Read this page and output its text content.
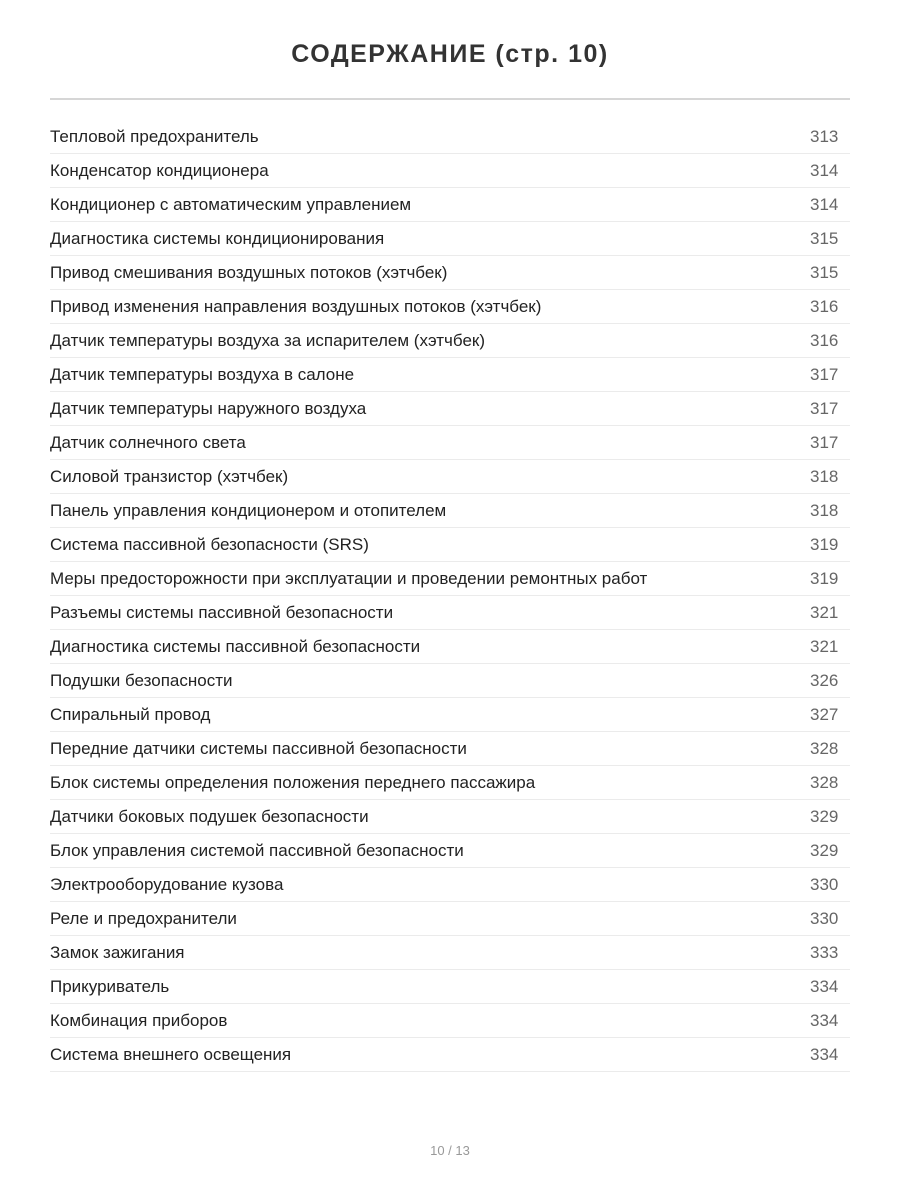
СОДЕРЖАНИЕ (стр. 10)
Тепловой предохранитель	313
Конденсатор кондиционера	314
Кондиционер с автоматическим управлением	314
Диагностика системы кондиционирования	315
Привод смешивания воздушных потоков (хэтчбек)	315
Привод изменения направления воздушных потоков (хэтчбек)	316
Датчик температуры воздуха за испарителем (хэтчбек)	316
Датчик температуры воздуха в салоне	317
Датчик температуры наружного воздуха	317
Датчик солнечного света	317
Силовой транзистор (хэтчбек)	318
Панель управления кондиционером и отопителем	318
Система пассивной безопасности (SRS)	319
Меры предосторожности при эксплуатации и проведении ремонтных работ	319
Разъемы системы пассивной безопасности	321
Диагностика системы пассивной безопасности	321
Подушки безопасности	326
Спиральный провод	327
Передние датчики системы пассивной безопасности	328
Блок системы определения положения переднего пассажира	328
Датчики боковых подушек безопасности	329
Блок управления системой пассивной безопасности	329
Электрооборудование кузова	330
Реле и предохранители	330
Замок зажигания	333
Прикуриватель	334
Комбинация приборов	334
Система внешнего освещения	334
10 / 13
